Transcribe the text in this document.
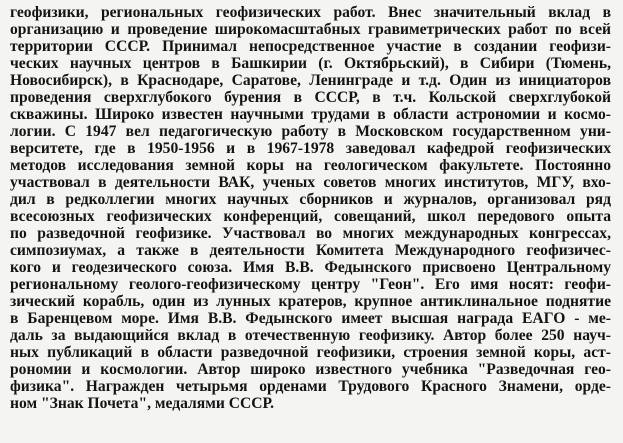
геофизики, региональных геофизических работ. Внес значительный вклад в
организацию и проведение широкомасштабных гравиметрических работ по всей
территории СССР. Принимал непосредственное участие в создании геофизи-
ческих научных центров в Башкирии (г. Октябрьский), в Сибири (Тюмень,
Новосибирск), в Краснодаре, Саратове, Ленинграде и т.д. Один из инициаторов
проведения сверхглубокого бурения в СССР, в т.ч. Кольской сверхглубокой
скважины. Широко известен научными трудами в области астрономии и космо-
логии. С 1947 вел педагогическую работу в Московском государственном уни-
верситете, где в 1950-1956 и в 1967-1978 заведовал кафедрой геофизических
методов исследования земной коры на геологическом факультете. Постоянно
участвовал в деятельности ВАК, ученых советов многих институтов, МГУ, вхо-
дил в редколлегии многих научных сборников и журналов, организовал ряд
всесоюзных геофизических конференций, совещаний, школ передового опыта
по разведочной геофизике. Участвовал во многих международных конгрессах,
симпозиумах, а также в деятельности Комитета Международного геофизичес-
кого и геодезического союза. Имя В.В. Федынского присвоено Центральному
региональному геолого-геофизическому центру "Геон". Его имя носят: геофи-
зический корабль, один из лунных кратеров, крупное антиклинальное поднятие
в Баренцевом море. Имя В.В. Федынского имеет высшая награда ЕАГО - ме-
даль за выдающийся вклад в отечественную геофизику. Автор более 250 науч-
ных публикаций в области разведочной геофизики, строения земной коры, аст-
рономии и космологии. Автор широко известного учебника "Разведочная гео-
физика". Награжден четырьмя орденами Трудового Красного Знамени, орде-
ном "Знак Почета", медалями СССР.
